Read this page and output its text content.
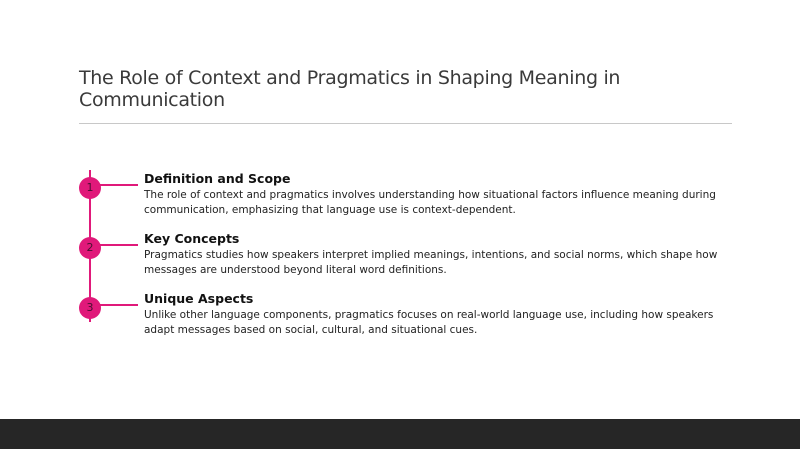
The Role of Context and Pragmatics in Shaping Meaning in Communication
1
Definition and Scope
The role of context and pragmatics involves understanding how situational factors influence meaning during communication, emphasizing that language use is context-dependent.
2
Key Concepts
Pragmatics studies how speakers interpret implied meanings, intentions, and social norms, which shape how messages are understood beyond literal word definitions.
3
Unique Aspects
Unlike other language components, pragmatics focuses on real-world language use, including how speakers adapt messages based on social, cultural, and situational cues.
